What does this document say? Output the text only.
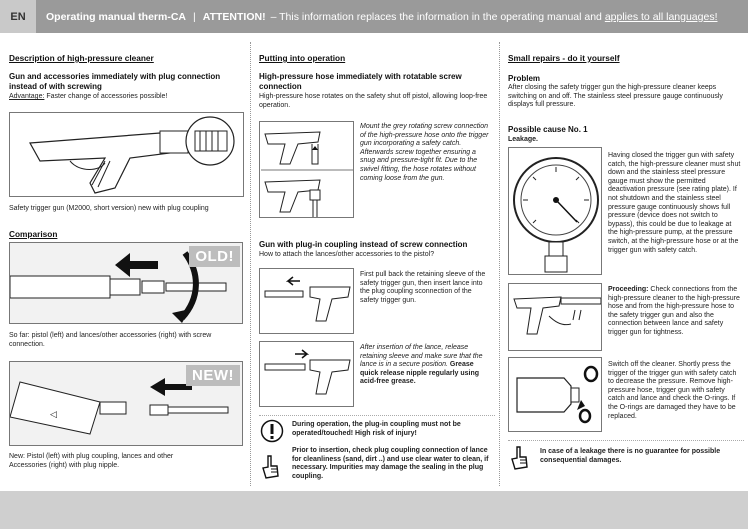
EN	Operating manual therm-CA | ATTENTION! – This information replaces the information in the operating manual and applies to all languages!
Description of high-pressure cleaner
Gun and accessories immediately with plug connection instead of with screwing
Advantage: Faster change of accessories possible!
Safety trigger gun (M2000, short version) new with plug coupling
Comparison
OLD!
So far: pistol (left) and lances/other accessories (right) with screw connection.
◁
NEW!
New: Pistol (left) with plug coupling, lances and other Accessories (right) with plug nipple.
Putting into operation
High-pressure hose immediately with rotatable screw connection
High-pressure hose rotates on the safety shut off pistol, allowing loop-free operation.
Mount the grey rotating screw connection of the high-pressure hose onto the trigger gun incorporating a safety catch. Afterwards screw together ensuring a snug and pressure-tight fit. Due to the swivel fitting, the hose rotates without coming loose from the gun.
Gun with plug-in coupling instead of screw connection
How to attach the lances/other accessories to the pistol?
First pull back the retaining sleeve of the safety trigger gun, then insert lance into the plug coupling sconnection of the safety trigger gun.
After insertion of the lance, release retaining sleeve and make sure that the lance is in a secure position. Grease quick release nipple regularly using acid-free grease.
During operation, the plug-in coupling must not be operated/touched! High risk of injury!
Prior to insertion, check plug coupling connection of lance for cleanliness (sand, dirt ..) and use clear water to clean, if necessary. Impurities may damage the sealing in the plug coupling.
Small repairs - do it yourself
Problem
After closing the safety trigger gun the high-pressure cleaner keeps switching on and off. The stainless steel pressure gauge continuously displays full pressure.
Possible cause No. 1
Leakage.
Having closed the trigger gun with safety catch, the high-pressure cleaner must shut down and the stainless steel pressure gauge must show the permitted deactivation pressure (see rating plate). If not shutdown and the stainless steel pressure gauge continuously shows full pressure (device does not switch to bypass), this could be due to leakage at the high-pressure pump, at the pressure switch, at the high-pressure hose or at the trigger gun with safety catch.
Proceeding: Check connections from the high-pressure cleaner to the high-pressure hose and from the high-pressure hose to the safety trigger gun and also the connection between lance and safety trigger gun for tightness.
Switch off the cleaner. Shortly press the trigger of the trigger gun with safety catch to decrease the pressure. Remove high-pressure hose, trigger gun with safety catch and lance and check the O-rings. If the O-rings are damaged they have to be replaced.
In case of a leakage there is no guarantee for possible consequential damages.
